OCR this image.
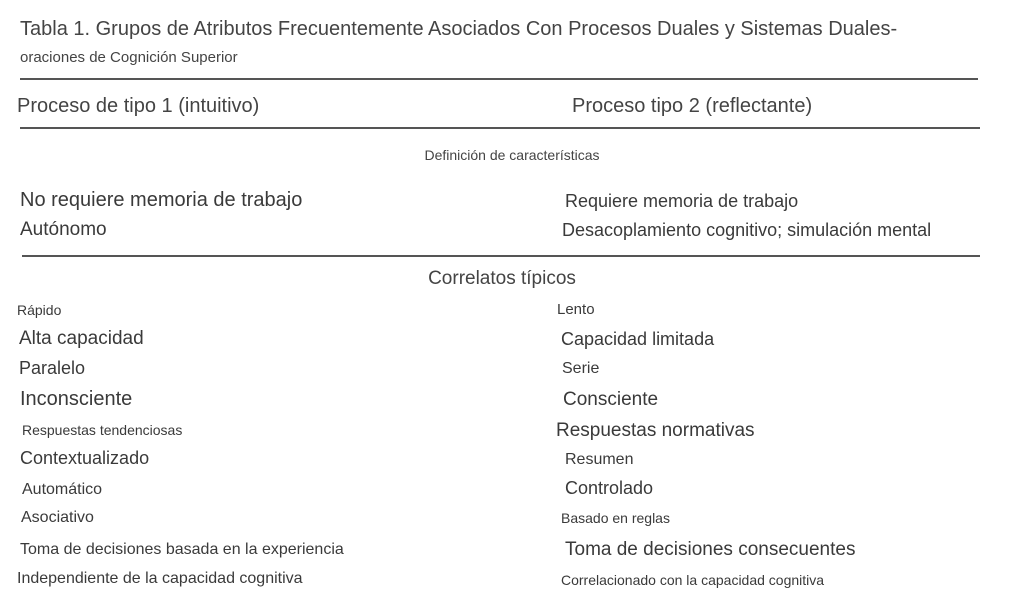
Tabla 1. Grupos de Atributos Frecuentemente Asociados Con Procesos Duales y Sistemas Duales-
oraciones de Cognición Superior
Proceso de tipo 1 (intuitivo)	Proceso tipo 2 (reflectante)
Definición de características
No requiere memoria de trabajo	Requiere memoria de trabajo
Autónomo	Desacoplamiento cognitivo; simulación mental
Correlatos típicos
Rápido	Lento
Alta capacidad	Capacidad limitada
Paralelo	Serie
Inconsciente	Consciente
Respuestas tendenciosas	Respuestas normativas
Contextualizado	Resumen
Automático	Controlado
Asociativo	Basado en reglas
Toma de decisiones basada en la experiencia	Toma de decisiones consecuentes
Independiente de la capacidad cognitiva	Correlacionado con la capacidad cognitiva
